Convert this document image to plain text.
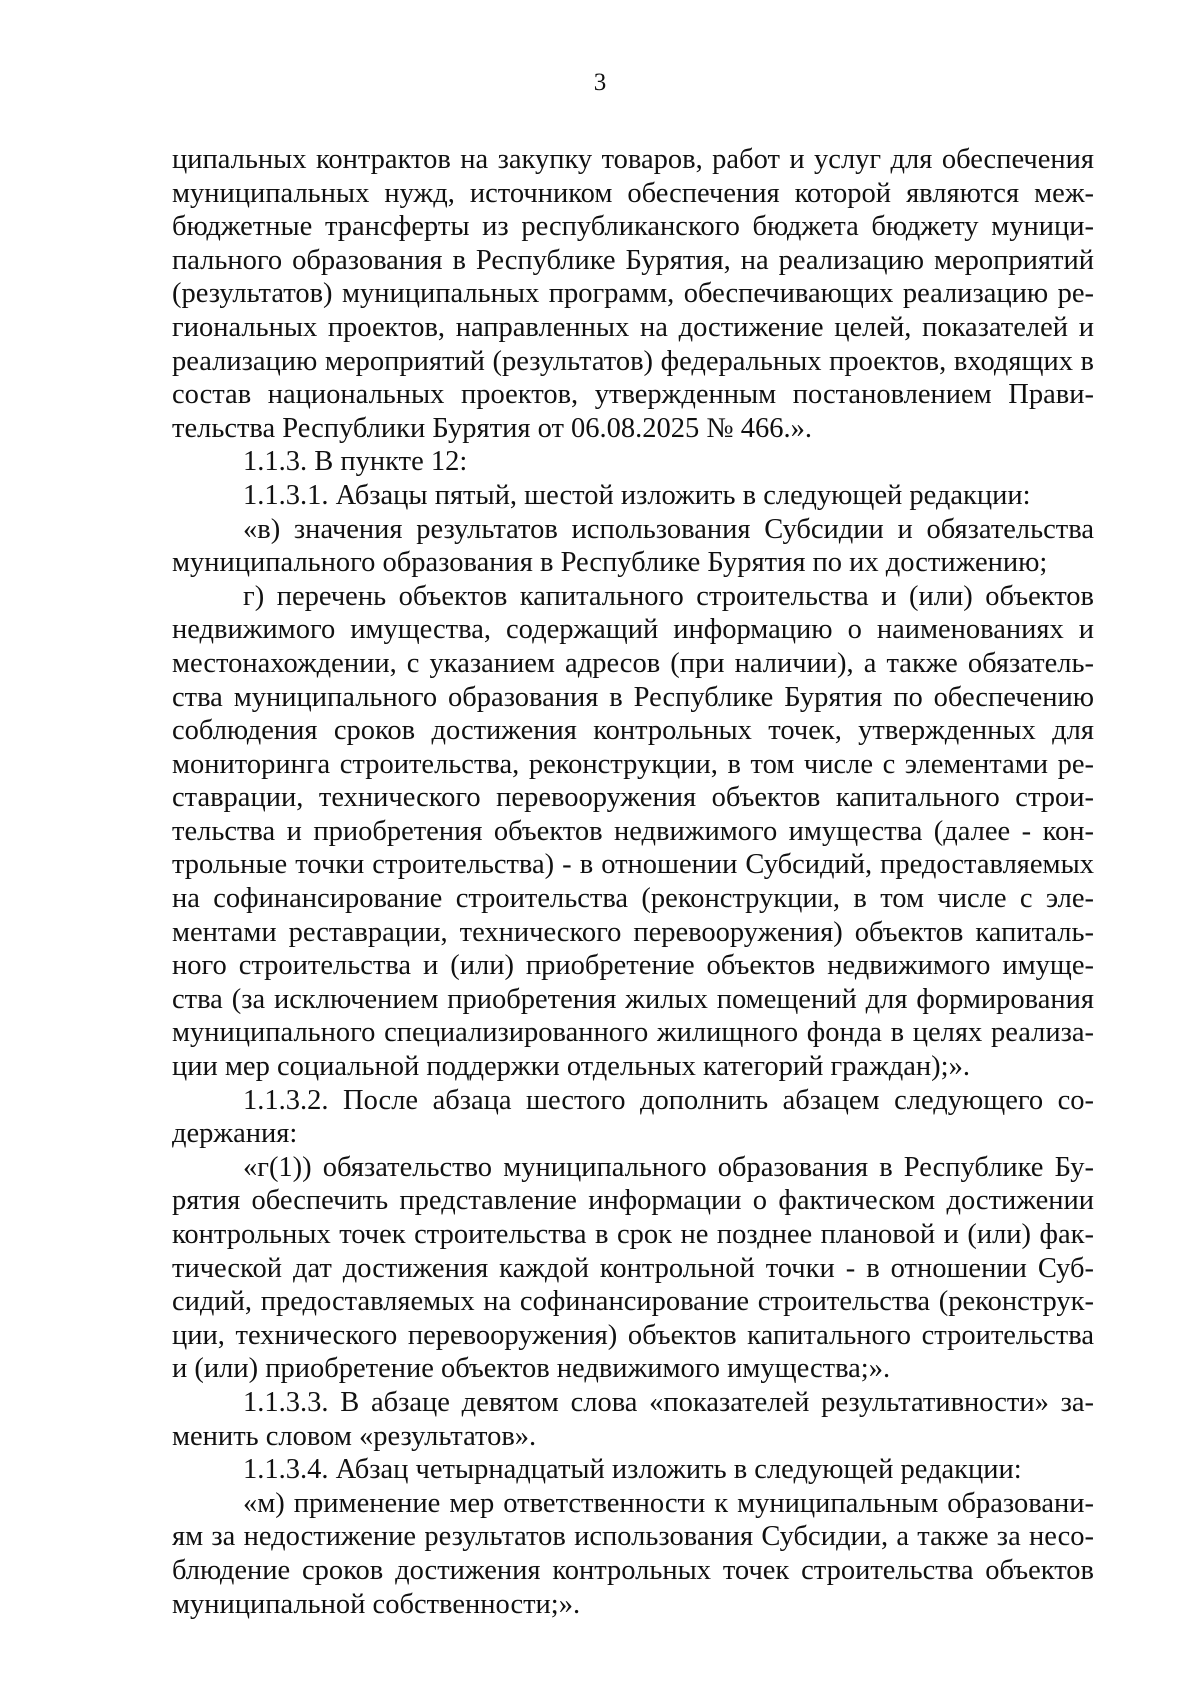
3

ципальных контрактов на закупку товаров, работ и услуг для обеспечения муниципальных нужд, источником обеспечения которой являются меж-бюджетные трансферты из республиканского бюджета бюджету муници-пального образования в Республике Бурятия, на реализацию мероприятий (результатов) муниципальных программ, обеспечивающих реализацию ре-гиональных проектов, направленных на достижение целей, показателей и реализацию мероприятий (результатов) федеральных проектов, входящих в состав национальных проектов, утвержденным постановлением Прави-тельства Республики Бурятия от 06.08.2025 № 466.».

1.1.3. В пункте 12:

1.1.3.1. Абзацы пятый, шестой изложить в следующей редакции:

«в) значения результатов использования Субсидии и обязательства муниципального образования в Республике Бурятия по их достижению;

г) перечень объектов капитального строительства и (или) объектов недвижимого имущества, содержащий информацию о наименованиях и местонахождении, с указанием адресов (при наличии), а также обязатель-ства муниципального образования в Республике Бурятия по обеспечению соблюдения сроков достижения контрольных точек, утвержденных для мониторинга строительства, реконструкции, в том числе с элементами ре-ставрации, технического перевооружения объектов капитального строи-тельства и приобретения объектов недвижимого имущества (далее - кон-трольные точки строительства) - в отношении Субсидий, предоставляемых на софинансирование строительства (реконструкции, в том числе с эле-ментами реставрации, технического перевооружения) объектов капиталь-ного строительства и (или) приобретение объектов недвижимого имуще-ства (за исключением приобретения жилых помещений для формирования муниципального специализированного жилищного фонда в целях реализа-ции мер социальной поддержки отдельных категорий граждан);».

1.1.3.2. После абзаца шестого дополнить абзацем следующего со-держания:

«г(1)) обязательство муниципального образования в Республике Бу-рятия обеспечить представление информации о фактическом достижении контрольных точек строительства в срок не позднее плановой и (или) фак-тической дат достижения каждой контрольной точки - в отношении Суб-сидий, предоставляемых на софинансирование строительства (реконструк-ции, технического перевооружения) объектов капитального строительства и (или) приобретение объектов недвижимого имущества;».

1.1.3.3. В абзаце девятом слова «показателей результативности» за-менить словом «результатов».

1.1.3.4. Абзац четырнадцатый изложить в следующей редакции:

«м) применение мер ответственности к муниципальным образовани-ям за недостижение результатов использования Субсидии, а также за несо-блюдение сроков достижения контрольных точек строительства объектов муниципальной собственности;».
